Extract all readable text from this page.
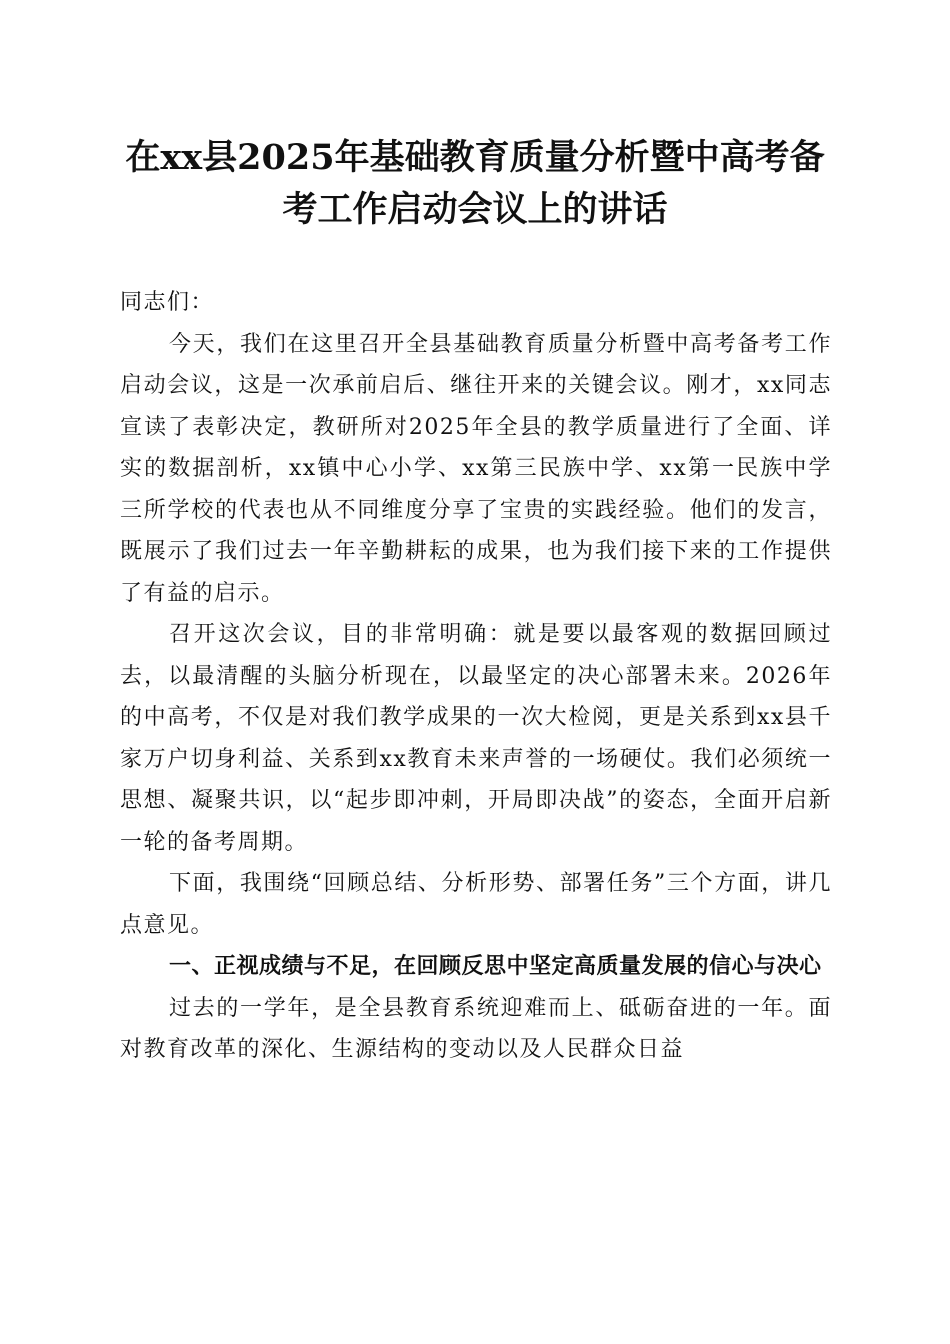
在xx县2025年基础教育质量分析暨中高考备
考工作启动会议上的讲话

同志们：

今天，我们在这里召开全县基础教育质量分析暨中高考备考工作启动会议，这是一次承前启后、继往开来的关键会议。刚才，xx同志宣读了表彰决定，教研所对2025年全县的教学质量进行了全面、详实的数据剖析，xx镇中心小学、xx第三民族中学、xx第一民族中学三所学校的代表也从不同维度分享了宝贵的实践经验。他们的发言，既展示了我们过去一年辛勤耕耘的成果，也为我们接下来的工作提供了有益的启示。

召开这次会议，目的非常明确：就是要以最客观的数据回顾过去，以最清醒的头脑分析现在，以最坚定的决心部署未来。2026年的中高考，不仅是对我们教学成果的一次大检阅，更是关系到xx县千家万户切身利益、关系到xx教育未来声誉的一场硬仗。我们必须统一思想、凝聚共识，以“起步即冲刺，开局即决战”的姿态，全面开启新一轮的备考周期。

下面，我围绕“回顾总结、分析形势、部署任务”三个方面，讲几点意见。

一、正视成绩与不足，在回顾反思中坚定高质量发展的信心与决心

过去的一学年，是全县教育系统迎难而上、砥砺奋进的一年。面对教育改革的深化、生源结构的变动以及人民群众日益
